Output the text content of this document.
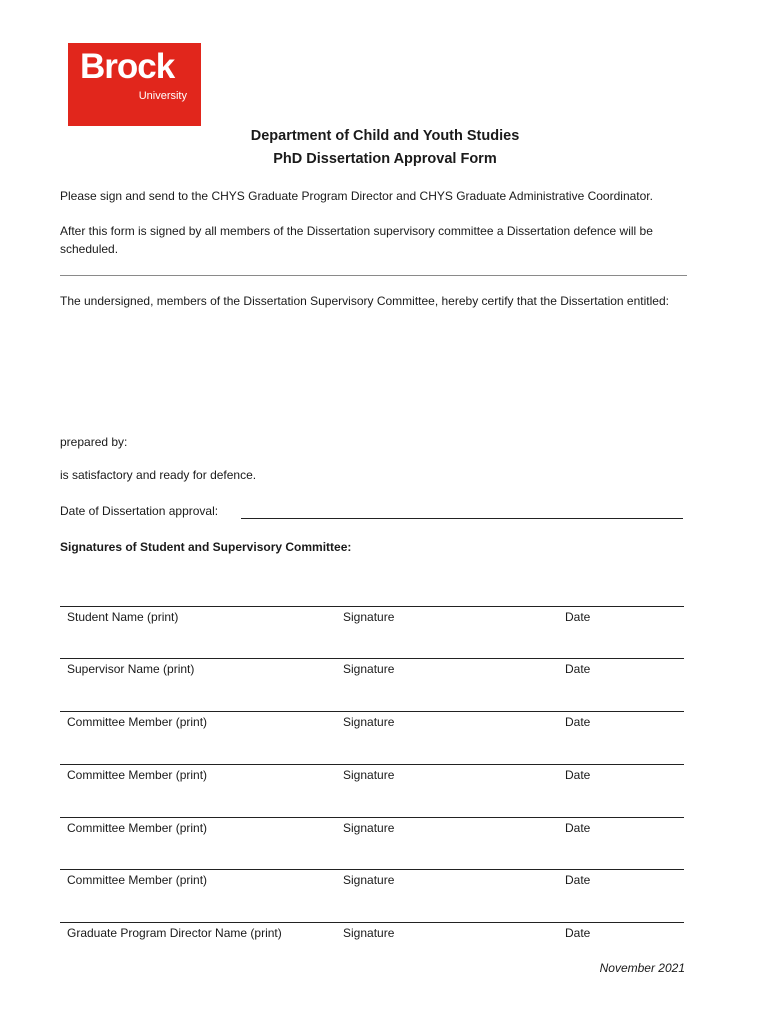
Brock
University
Department of Child and Youth Studies
PhD Dissertation Approval Form
Please sign and send to the CHYS Graduate Program Director and CHYS Graduate Administrative Coordinator.
After this form is signed by all members of the Dissertation supervisory committee a Dissertation defence will be scheduled.
The undersigned, members of the Dissertation Supervisory Committee, hereby certify that the Dissertation entitled:
prepared by:
is satisfactory and ready for defence.
Date of Dissertation approval:
Signatures of Student and Supervisory Committee:
Student Name (print)	Signature	Date
Supervisor Name (print)	Signature	Date
Committee Member (print)	Signature	Date
Committee Member (print)	Signature	Date
Committee Member (print)	Signature	Date
Committee Member (print)	Signature	Date
Graduate Program Director Name (print)	Signature	Date
November 2021
